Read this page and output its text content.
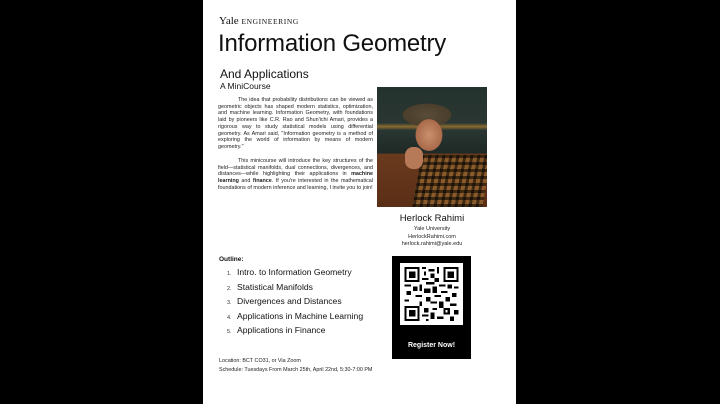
Yale ENGINEERING
Information Geometry
And Applications
A MiniCourse
The idea that probability distributions can be viewed as geometric objects has shaped modern statistics, optimization, and machine learning. Information Geometry, with foundations laid by pioneers like C.R. Rao and Shun'ichi Amari, provides a rigorous way to study statistical models using differential geometry. As Amari said, "Information geometry is a method of exploring the world of information by means of modern geometry."
This minicourse will introduce the key structures of the field—statistical manifolds, dual connections, divergences, and distances—while highlighting their applications in machine learning and finance. If you're interested in the mathematical foundations of modern inference and learning, I invite you to join!
Herlock Rahimi
Yale University
HerlockRahimi.com
herlock.rahimi@yale.edu
Outline:
1. Intro. to Information Geometry
2. Statistical Manifolds
3. Divergences and Distances
4. Applications in Machine Learning
5. Applications in Finance
Register Now!
Location: BCT CO31, or Via Zoom
Schedule: Tuesdays From March 25th, April 22nd, 5:30-7:00 PM
